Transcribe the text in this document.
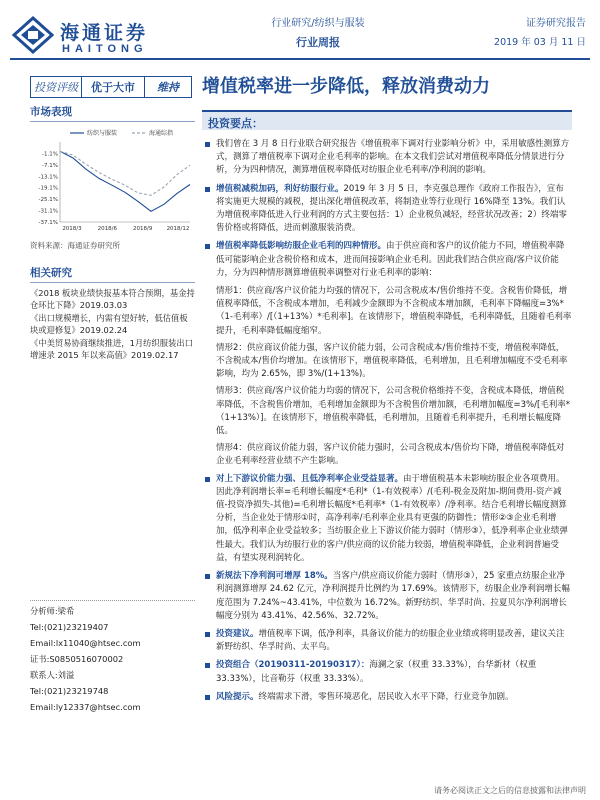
海通证券
HAITONG
行业研究/纺织与服装
行业周报
证券研究报告
2019 年 03 月 11 日
投资评级	优于大市	维持	增值税率进一步降低，释放消费动力
市场表现
-1.1%
-7.1%
-13.1%
-19.1%
-25.1%
-31.1%
-37.1%
2018/3	2018/6	2018/9	2018/12
纺织与服装	海通综指
资料来源：海通证券研究所
相关研究
《2018 板块业绩快报基本符合预期，基金持仓环比下降》2019.03.03
《出口规模增长，内需有望好转，低估值板块或迎修复》2019.02.24
《中美贸易协商继续推进，1月纺织服装出口增速录 2015 年以来高值》2019.02.17
分析师:梁希
Tel:(021)23219407
Email:lx11040@htsec.com
证书:S0850516070002
联系人:刘溢
Tel:(021)23219748
Email:ly12337@htsec.com
投资要点：
我们曾在 3 月 8 日行业联合研究报告《增值税率下调对行业影响分析》中，采用敏感性测算方式，测算了增值税率下调对企业毛利率的影响。在本文我们尝试对增值税率降低分情景进行分析，分为四种情况，测算增值税率降低对纺服企业毛利率/净利润的影响。
增值税减税加码，利好纺服行业。2019 年 3 月 5 日，李克强总理作《政府工作报告》，宣布将实施更大规模的减税，提出深化增值税改革，将制造业等行业现行 16%降至 13%。我们认为增值税率降低进入行业利润的方式主要包括：1）企业税负减轻，经营状况改善；2）终端零售价格或将降低，进而刺激服装消费。
增值税率降低影响纺服企业毛利的四种情形。由于供应商和客户的议价能力不同，增值税率降低可能影响企业含税价格和成本，进而间接影响企业毛利。因此我们结合供应商/客户议价能力，分为四种情形测算增值税率调整对行业毛利率的影响：
情形1：供应商/客户议价能力均强的情况下，公司含税成本/售价维持不变。含税售价降低，增值税率降低，不含税成本增加，毛利减少金额即为不含税成本增加额，毛利率下降幅度=3%*（1-毛利率）/[（1+13%）*毛利率]。在该情形下，增值税率降低，毛利率降低，且随着毛利率提升，毛利率降低幅度缩窄。
情形2：供应商议价能力强，客户议价能力弱，公司含税成本/售价维持不变，增值税率降低，不含税成本/售价均增加。在该情形下，增值税率降低，毛利增加，且毛利增加幅度不受毛利率影响，均为 2.65%，即 3%/(1+13%)。
情形3：供应商/客户议价能力均弱的情况下，公司含税价格维持不变，含税成本降低，增值税率降低，不含税售价增加，毛利增加金额即为不含税售价增加额，毛利增加幅度=3%/[毛利率*（1+13%）]。在该情形下，增值税率降低，毛利增加，且随着毛利率提升，毛利增长幅度降低。
情形4：供应商议价能力弱，客户议价能力强时，公司含税成本/售价均下降，增值税率降低对企业毛利率经营业绩不产生影响。
对上下游议价能力强、且低净利率企业受益显著。由于增值税基本未影响纺服企业各项费用。因此净利润增长率=毛利增长幅度*毛利*（1-有效税率）/(毛利-税金及附加-期间费用-资产减值-投资净损失-其他)=毛利增长幅度*毛利率*（1-有效税率）/净利率。结合毛利增长幅度测算分析，当企业处于情形①时，高净利率/毛利率企业具有更强的防御性；情形②③企业毛利增加，低净利率企业受益较多；当纺服企业上下游议价能力弱时（情形③），低净利率企业业绩弹性最大。我们认为纺服行业的客户/供应商的议价能力较弱，增值税率降低，企业利润普遍受益，有望实现利润转化。
新规法下净利润可增厚 18%。当客户/供应商议价能力弱时（情形③），25 家重点纺服企业净利润测算增厚 24.62 亿元，净利润提升比例约为 17.69%。该情形下，纺服企业净利润增长幅度范围为 7.24%~43.41%，中位数为 16.72%。新野纺织、华孚时尚、拉夏贝尔净利润增长幅度分别为 43.41%、42.56%、32.72%。
投资建议。增值税率下调，低净利率，具备议价能力的纺服企业业绩或将明显改善，建议关注新野纺织、华孚时尚、太平鸟。
投资组合（20190311-20190317）：海澜之家（权重 33.33%），台华新材（权重 33.33%），比音勒芬（权重 33.33%）。
风险提示。终端需求下滑，零售环境恶化，居民收入水平下降，行业竞争加剧。
请务必阅读正文之后的信息披露和法律声明
